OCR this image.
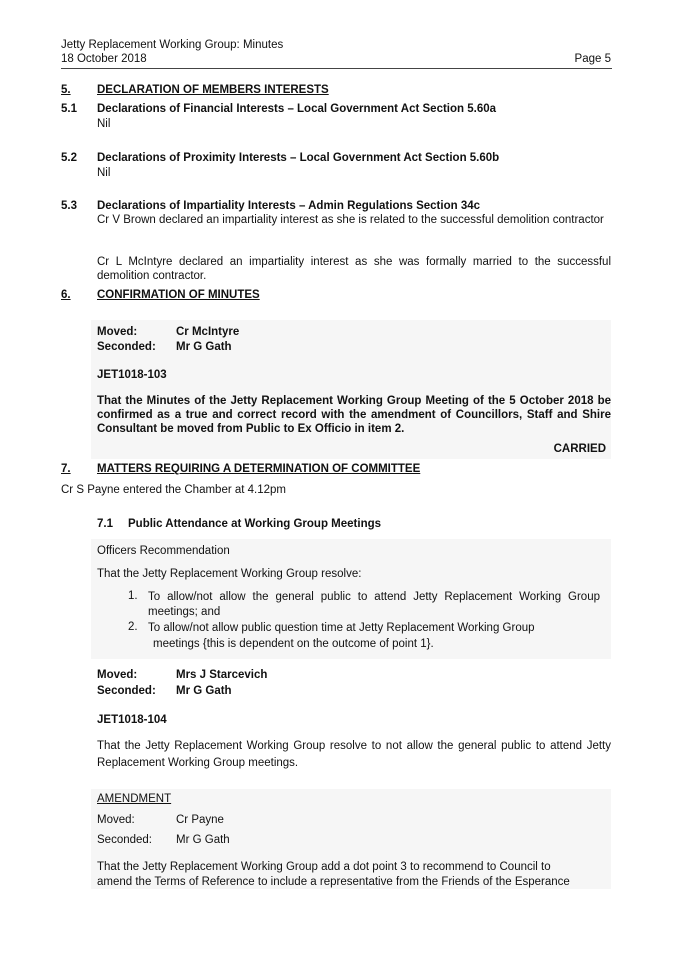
Jetty Replacement Working Group: Minutes
18 October 2018	Page 5
5. DECLARATION OF MEMBERS INTERESTS
5.1 Declarations of Financial Interests – Local Government Act Section 5.60a
Nil
5.2 Declarations of Proximity Interests – Local Government Act Section 5.60b
Nil
5.3 Declarations of Impartiality Interests – Admin Regulations Section 34c
Cr V Brown declared an impartiality interest as she is related to the successful demolition contractor
Cr L McIntyre declared an impartiality interest as she was formally married to the successful demolition contractor.
6. CONFIRMATION OF MINUTES
Moved:	Cr McIntyre
Seconded: Mr G Gath
JET1018-103
That the Minutes of the Jetty Replacement Working Group Meeting of the 5 October 2018 be confirmed as a true and correct record with the amendment of Councillors, Staff and Shire Consultant be moved from Public to Ex Officio in item 2.
CARRIED
7. MATTERS REQUIRING A DETERMINATION OF COMMITTEE
Cr S Payne entered the Chamber at 4.12pm
7.1 Public Attendance at Working Group Meetings
Officers Recommendation
That the Jetty Replacement Working Group resolve:
1. To allow/not allow the general public to attend Jetty Replacement Working Group meetings; and
2. To allow/not allow public question time at Jetty Replacement Working Group
meetings {this is dependent on the outcome of point 1}.
Moved:	Mrs J Starcevich
Seconded: Mr G Gath
JET1018-104
That the Jetty Replacement Working Group resolve to not allow the general public to attend Jetty Replacement Working Group meetings.
AMENDMENT
Moved:	Cr Payne
Seconded: Mr G Gath
That the Jetty Replacement Working Group add a dot point 3 to recommend to Council to
amend the Terms of Reference to include a representative from the Friends of the Esperance
